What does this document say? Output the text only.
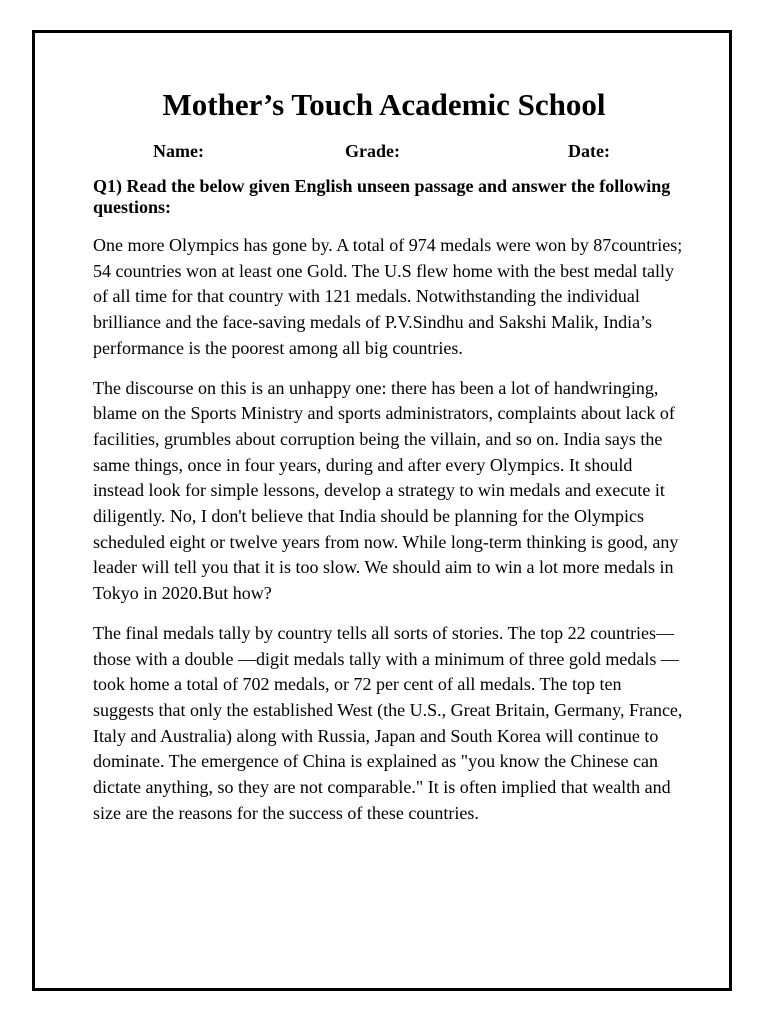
Mother’s Touch Academic School
Name:	Grade:	Date:

Q1) Read the below given English unseen passage and answer the following questions:

One more Olympics has gone by. A total of 974 medals were won by 87countries; 54 countries won at least one Gold. The U.S flew home with the best medal tally of all time for that country with 121 medals. Notwithstanding the individual brilliance and the face-saving medals of P.V.Sindhu and Sakshi Malik, India’s performance is the poorest among all big countries.

The discourse on this is an unhappy one: there has been a lot of handwringing, blame on the Sports Ministry and sports administrators, complaints about lack of facilities, grumbles about corruption being the villain, and so on. India says the same things, once in four years, during and after every Olympics. It should instead look for simple lessons, develop a strategy to win medals and execute it diligently. No, I don't believe that India should be planning for the Olympics scheduled eight or twelve years from now. While long-term thinking is good, any leader will tell you that it is too slow. We should aim to win a lot more medals in Tokyo in 2020.But how?

The final medals tally by country tells all sorts of stories. The top 22 countries— those with a double —digit medals tally with a minimum of three gold medals — took home a total of 702 medals, or 72 per cent of all medals. The top ten suggests that only the established West (the U.S., Great Britain, Germany, France, Italy and Australia) along with Russia, Japan and South Korea will continue to dominate. The emergence of China is explained as "you know the Chinese can dictate anything, so they are not comparable." It is often implied that wealth and size are the reasons for the success of these countries.
